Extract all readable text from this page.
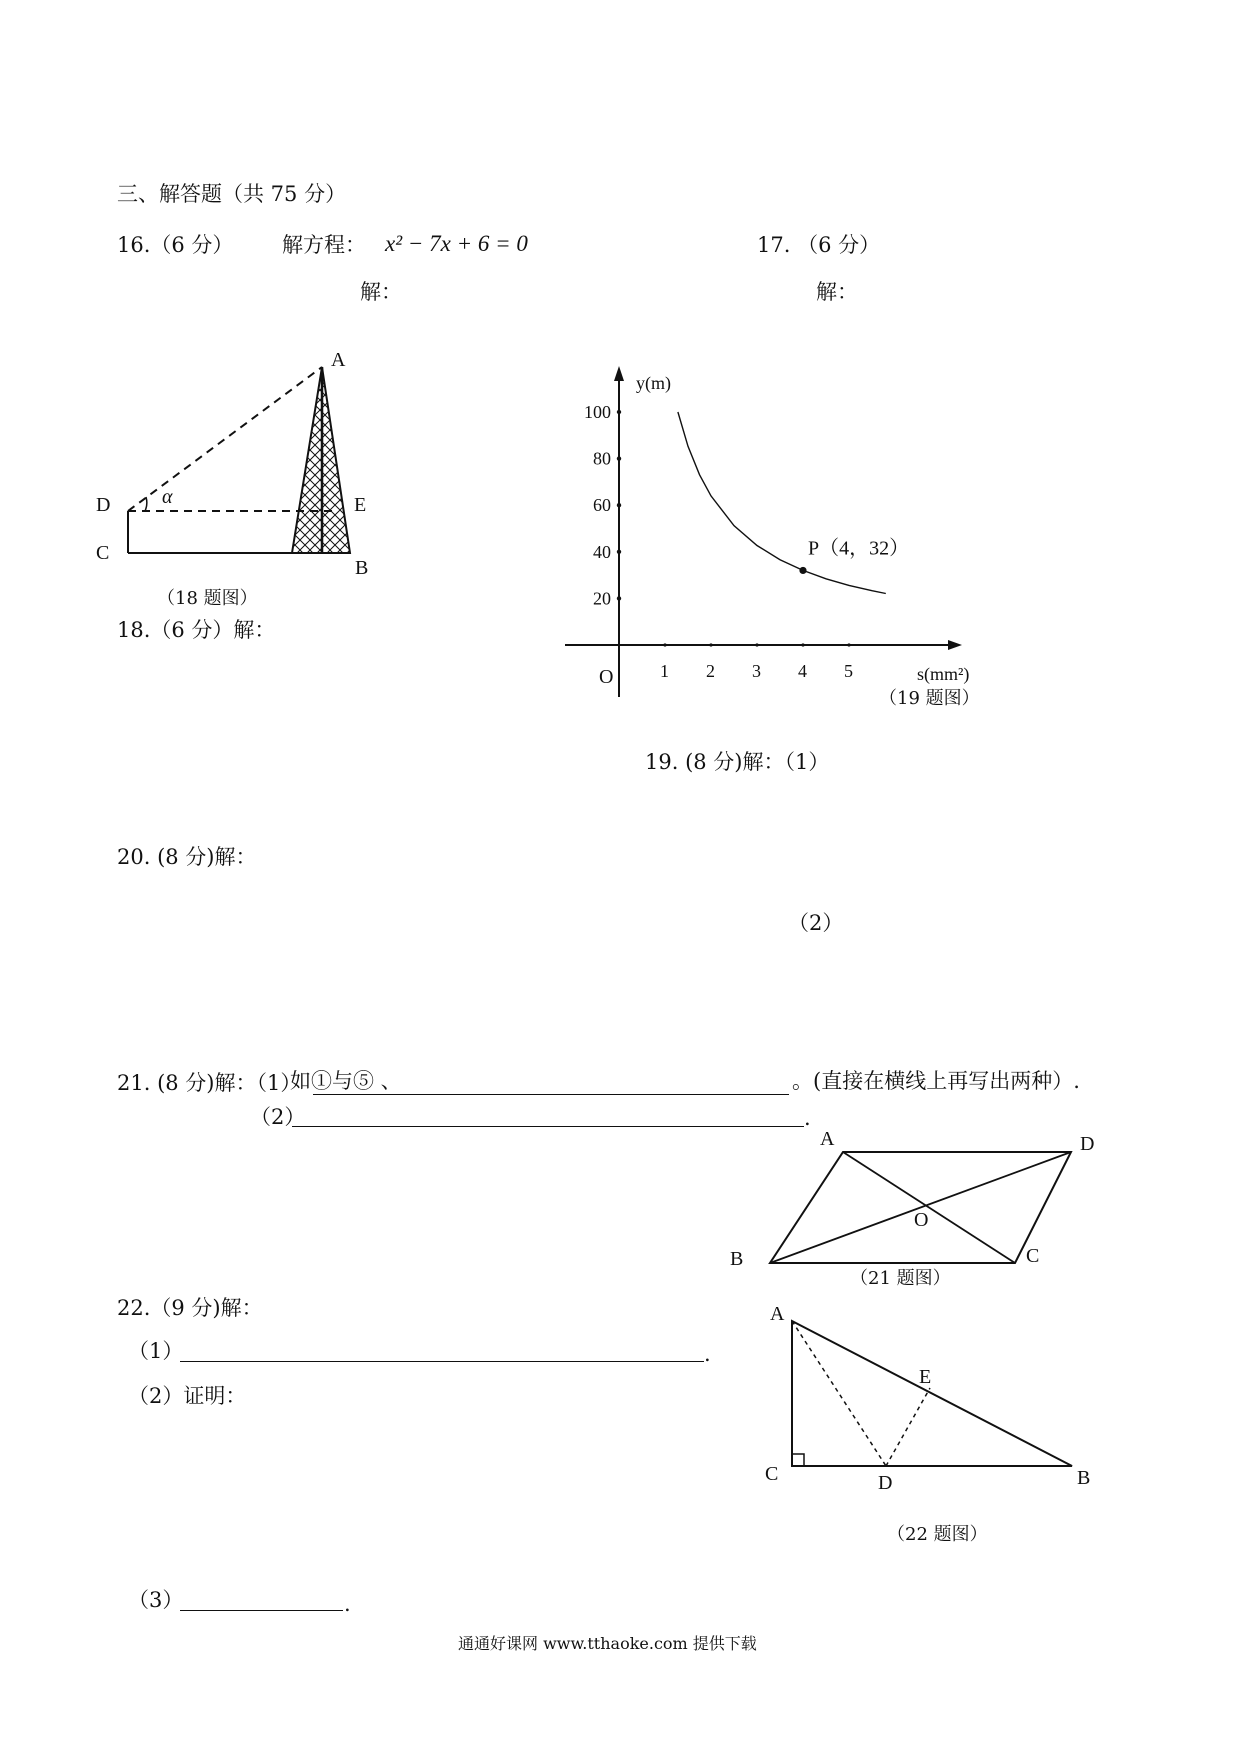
三、解答题（共 75 分）
16.（6 分） 解方程： x² − 7x + 6 = 0
解：
17. （6 分）
解：
18.（6 分）解：
19. (8 分)解：（1）
（2）
20. (8 分)解：
21. (8 分)解：（1）
如①与⑤ 、	。(直接在横线上再写出两种）.
（2）	.
22.（9 分)解：
（1）	.
（2）证明：
（3）	.
通通好课网 www.tthaoke.com 提供下载
A
B
C
D	E
α
（18 题图）
y(m)
s(mm²)
O
（19 题图）
1 2 3 4 5
20
40
60
80
100
P（4，32）
A	D
B	C
O
（21 题图）
A
C	D	B
E
（22 题图）
